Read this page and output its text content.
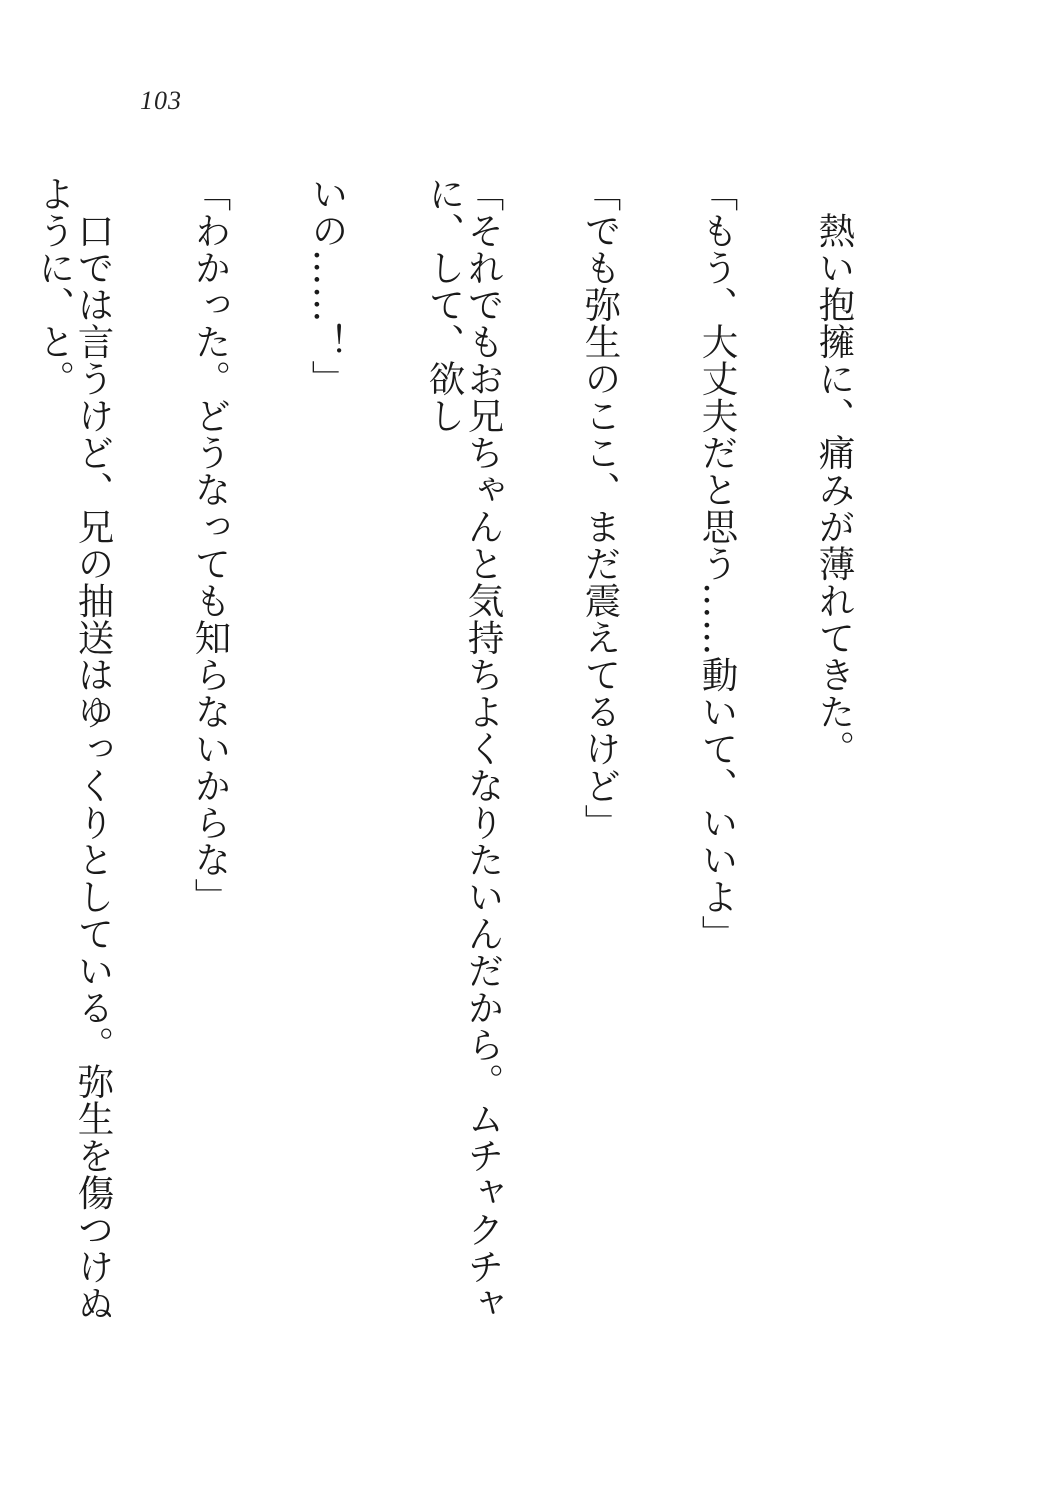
103

　熱い抱擁に、痛みが薄れてきた。

「もう、大丈夫だと思う……動いて、いいよ」

「でも弥生のここ、まだ震えてるけど」

「それでもお兄ちゃんと気持ちよくなりたいんだから。ムチャクチャに、して、欲し

いの……！」

「わかった。どうなっても知らないからな」

　口では言うけど、兄の抽送はゆっくりとしている。弥生を傷つけぬように、と。
